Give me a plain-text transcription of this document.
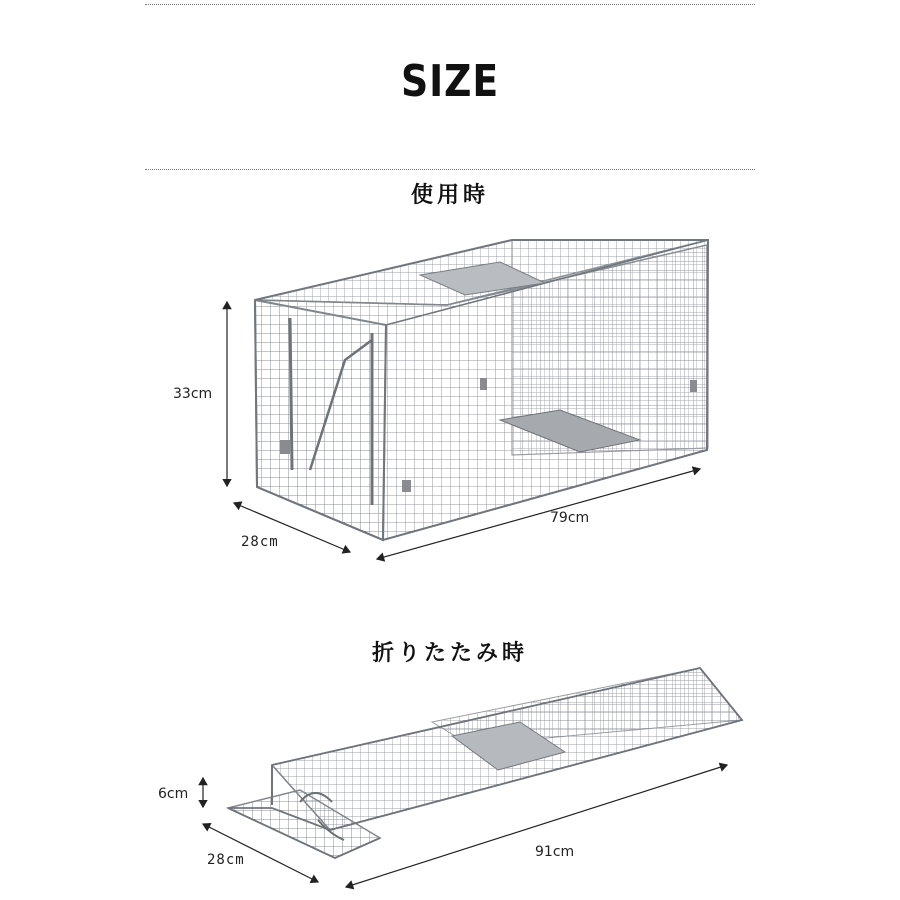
SIZE
使用時
折りたたみ時
33cm
28cm
79cm
6cm
28cm	91cm
